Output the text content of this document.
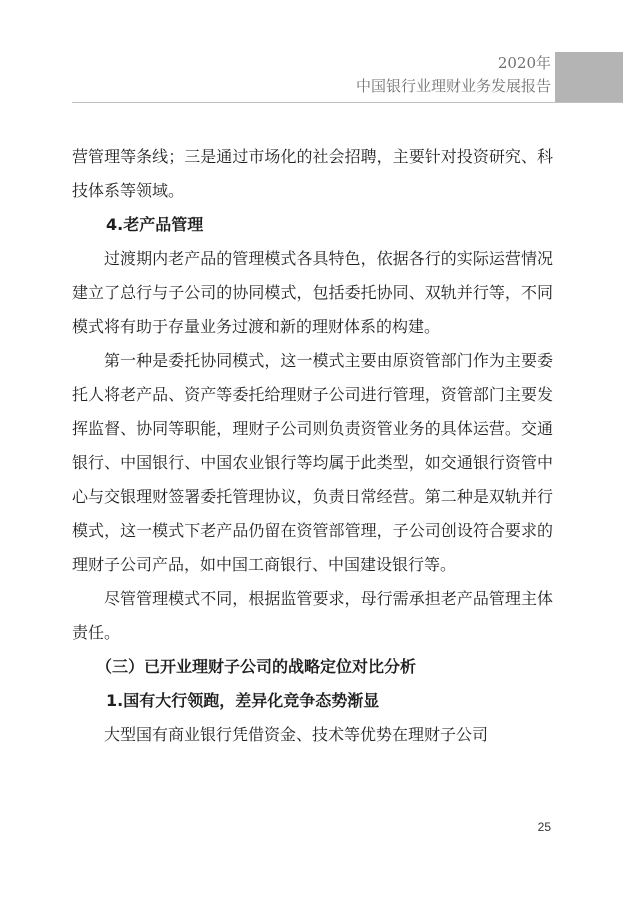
2020年
中国银行业理财业务发展报告

营管理等条线；三是通过市场化的社会招聘，主要针对投资研究、科技体系等领域。

4.老产品管理

过渡期内老产品的管理模式各具特色，依据各行的实际运营情况建立了总行与子公司的协同模式，包括委托协同、双轨并行等，不同模式将有助于存量业务过渡和新的理财体系的构建。

第一种是委托协同模式，这一模式主要由原资管部门作为主要委托人将老产品、资产等委托给理财子公司进行管理，资管部门主要发挥监督、协同等职能，理财子公司则负责资管业务的具体运营。交通银行、中国银行、中国农业银行等均属于此类型，如交通银行资管中心与交银理财签署委托管理协议，负责日常经营。第二种是双轨并行模式，这一模式下老产品仍留在资管部管理，子公司创设符合要求的理财子公司产品，如中国工商银行、中国建设银行等。

尽管管理模式不同，根据监管要求，母行需承担老产品管理主体责任。

（三）已开业理财子公司的战略定位对比分析

1.国有大行领跑，差异化竞争态势渐显

大型国有商业银行凭借资金、技术等优势在理财子公司

25
